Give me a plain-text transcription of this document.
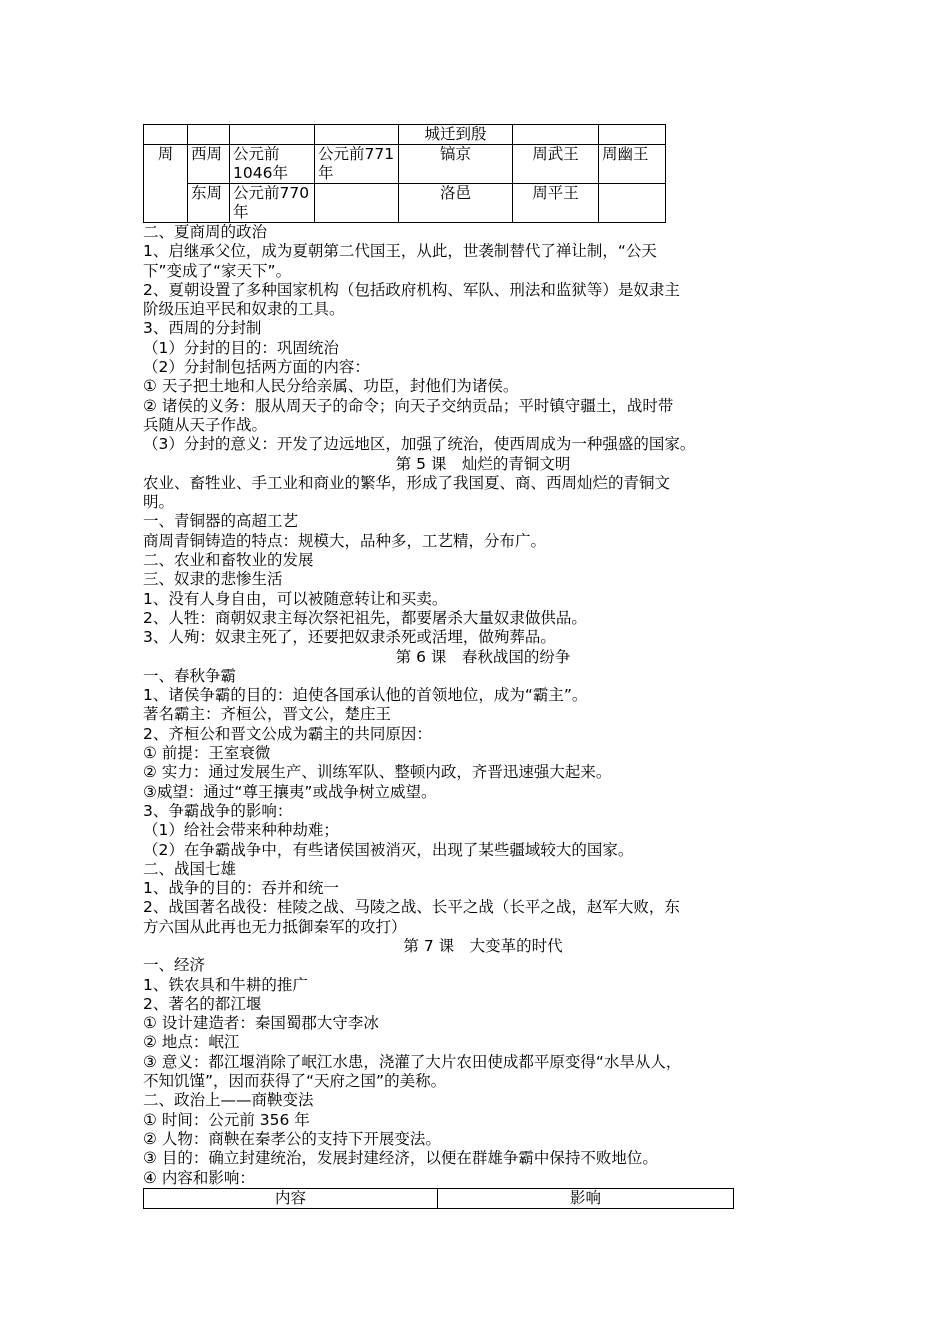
				城迁到殷		
周	西周	公元前1046年	公元前771年	镐京	周武王	周幽王
	东周	公元前770年		洛邑	周平王	
二、夏商周的政治
1、启继承父位，成为夏朝第二代国王，从此，世袭制替代了禅让制，“公天
下”变成了“家天下”。
2、夏朝设置了多种国家机构（包括政府机构、军队、刑法和监狱等）是奴隶主
阶级压迫平民和奴隶的工具。
3、西周的分封制
（1）分封的目的：巩固统治
（2）分封制包括两方面的内容：
① 天子把土地和人民分给亲属、功臣，封他们为诸侯。
② 诸侯的义务：服从周天子的命令；向天子交纳贡品；平时镇守疆土，战时带
兵随从天子作战。
（3）分封的意义：开发了边远地区，加强了统治，使西周成为一种强盛的国家。
第 5 课　灿烂的青铜文明
农业、畜牲业、手工业和商业的繁华，形成了我国夏、商、西周灿烂的青铜文
明。
一、青铜器的高超工艺
商周青铜铸造的特点：规模大，品种多，工艺精，分布广。
二、农业和畜牧业的发展
三、奴隶的悲惨生活
1、没有人身自由，可以被随意转让和买卖。
2、人牲：商朝奴隶主每次祭祀祖先，都要屠杀大量奴隶做供品。
3、人殉：奴隶主死了，还要把奴隶杀死或活埋，做殉葬品。
第 6 课　春秋战国的纷争
一、春秋争霸
1、诸侯争霸的目的：迫使各国承认他的首领地位，成为“霸主”。
著名霸主：齐桓公，晋文公，楚庄王
2、齐桓公和晋文公成为霸主的共同原因：
① 前提：王室衰微
② 实力：通过发展生产、训练军队、整顿内政，齐晋迅速强大起来。
③威望：通过“尊王攘夷”或战争树立威望。
3、争霸战争的影响：
（1）给社会带来种种劫难；
（2）在争霸战争中，有些诸侯国被消灭，出现了某些疆域较大的国家。
二、战国七雄
1、战争的目的：吞并和统一
2、战国著名战役：桂陵之战、马陵之战、长平之战（长平之战，赵军大败，东
方六国从此再也无力抵御秦军的攻打）
第 7 课　大变革的时代
一、经济
1、铁农具和牛耕的推广
2、著名的都江堰
① 设计建造者：秦国蜀郡大守李冰
② 地点：岷江
③ 意义：都江堰消除了岷江水患，浇灌了大片农田使成都平原变得“水旱从人，
不知饥馑”，因而获得了“天府之国”的美称。
二、政治上——商鞅变法
① 时间：公元前 356 年
② 人物：商鞅在秦孝公的支持下开展变法。
③ 目的：确立封建统治，发展封建经济，以便在群雄争霸中保持不败地位。
④ 内容和影响：
内容	影响
